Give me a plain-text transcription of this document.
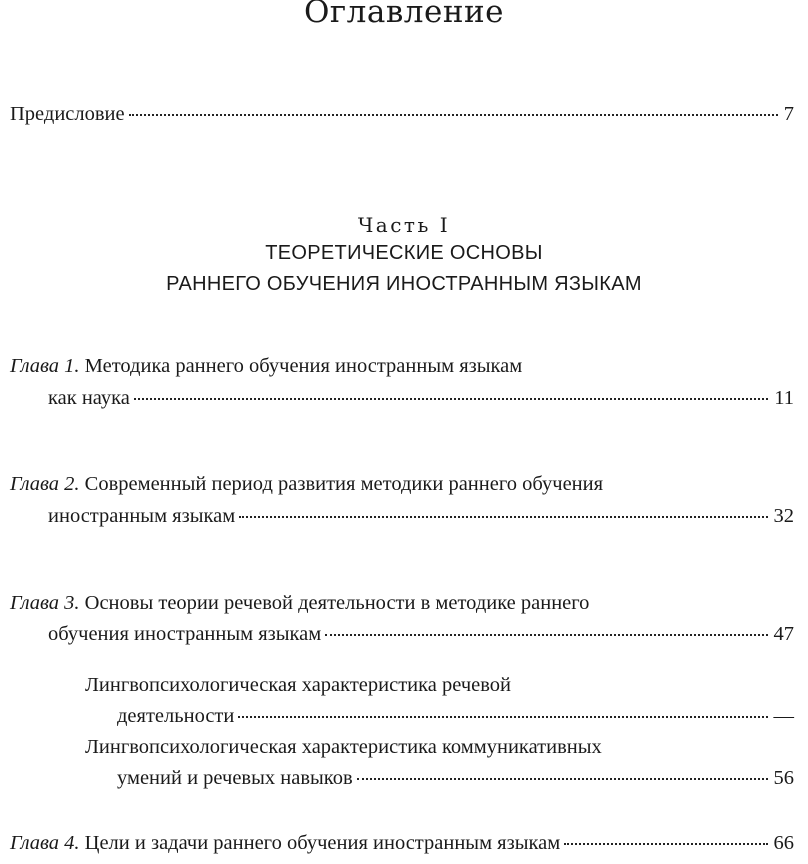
Оглавление
Предисловие	7
Часть I
ТЕОРЕТИЧЕСКИЕ ОСНОВЫ
РАННЕГО ОБУЧЕНИЯ ИНОСТРАННЫМ ЯЗЫКАМ
Глава 1. Методика раннего обучения иностранным языкам
как наука	11
Глава 2. Современный период развития методики раннего обучения
иностранным языкам	32
Глава 3. Основы теории речевой деятельности в методике раннего
обучения иностранным языкам	47
Лингвопсихологическая характеристика речевой
деятельности	—
Лингвопсихологическая характеристика коммуникативных
умений и речевых навыков	56
Глава 4. Цели и задачи раннего обучения иностранным языкам	66
